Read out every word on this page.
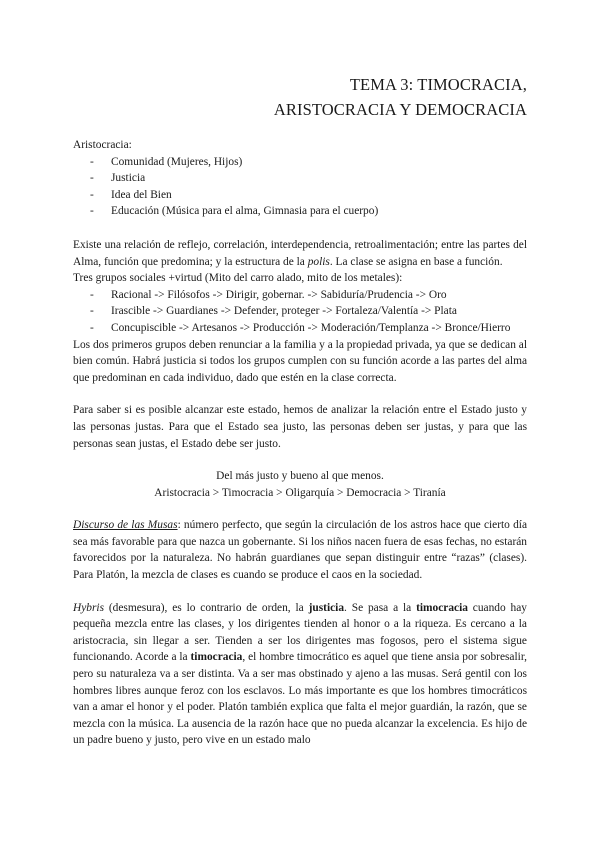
TEMA 3: TIMOCRACIA,
ARISTOCRACIA Y DEMOCRACIA

Aristocracia:

- Comunidad (Mujeres, Hijos)
- Justicia
- Idea del Bien
- Educación (Música para el alma, Gimnasia para el cuerpo)

Existe una relación de reflejo, correlación, interdependencia, retroalimentación; entre las partes del Alma, función que predomina; y la estructura de la polis. La clase se asigna en base a función.

Tres grupos sociales +virtud (Mito del carro alado, mito de los metales):

- Racional -> Filósofos -> Dirigir, gobernar. -> Sabiduría/Prudencia -> Oro
- Irascible -> Guardianes -> Defender, proteger -> Fortaleza/Valentía -> Plata
- Concupiscible -> Artesanos -> Producción -> Moderación/Templanza -> Bronce/Hierro

Los dos primeros grupos deben renunciar a la familia y a la propiedad privada, ya que se dedican al bien común. Habrá justicia si todos los grupos cumplen con su función acorde a las partes del alma que predominan en cada individuo, dado que estén en la clase correcta.

Para saber si es posible alcanzar este estado, hemos de analizar la relación entre el Estado justo y las personas justas. Para que el Estado sea justo, las personas deben ser justas, y para que las personas sean justas, el Estado debe ser justo.

Del más justo y bueno al que menos.

Aristocracia > Timocracia > Oligarquía > Democracia > Tiranía

Discurso de las Musas: número perfecto, que según la circulación de los astros hace que cierto día sea más favorable para que nazca un gobernante. Si los niños nacen fuera de esas fechas, no estarán favorecidos por la naturaleza. No habrán guardianes que sepan distinguir entre “razas” (clases). Para Platón, la mezcla de clases es cuando se produce el caos en la sociedad.

Hybris (desmesura), es lo contrario de orden, la justicia. Se pasa a la timocracia cuando hay pequeña mezcla entre las clases, y los dirigentes tienden al honor o a la riqueza. Es cercano a la aristocracia, sin llegar a ser. Tienden a ser los dirigentes mas fogosos, pero el sistema sigue funcionando. Acorde a la timocracia, el hombre timocrático es aquel que tiene ansia por sobresalir, pero su naturaleza va a ser distinta. Va a ser mas obstinado y ajeno a las musas. Será gentil con los hombres libres aunque feroz con los esclavos. Lo más importante es que los hombres timocráticos van a amar el honor y el poder. Platón también explica que falta el mejor guardián, la razón, que se mezcla con la música. La ausencia de la razón hace que no pueda alcanzar la excelencia. Es hijo de un padre bueno y justo, pero vive en un estado malo
